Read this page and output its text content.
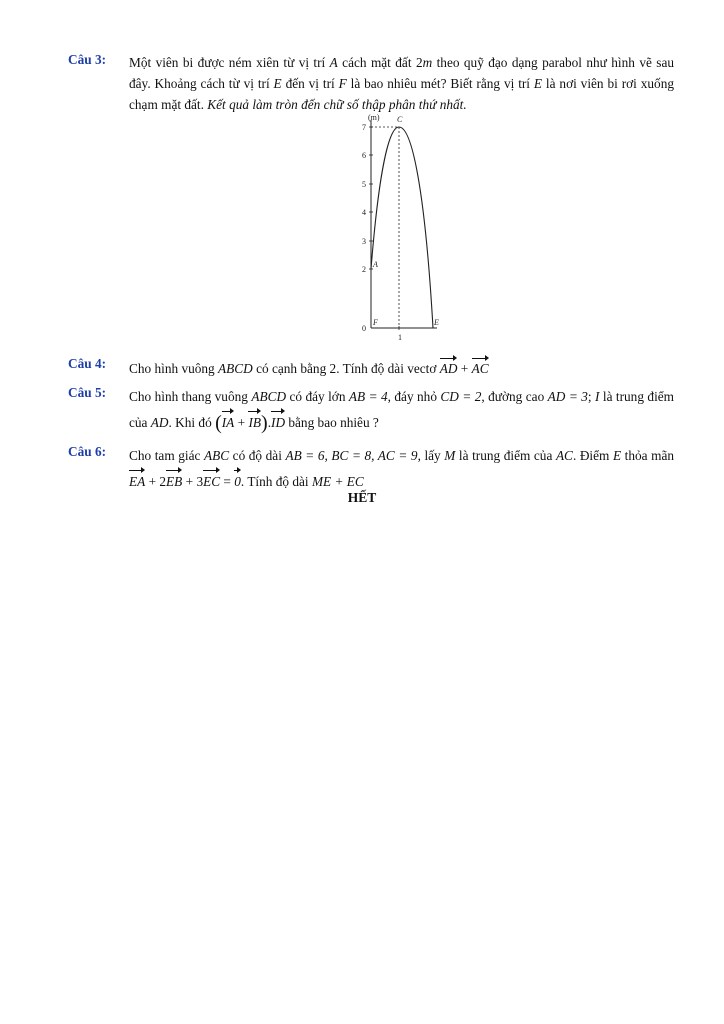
Câu 3: Một viên bi được ném xiên từ vị trí A cách mặt đất 2m theo quỹ đạo dạng parabol như hình vẽ sau đây. Khoảng cách từ vị trí E đến vị trí F là bao nhiêu mét? Biết rằng vị trí E là nơi viên bi rơi xuống chạm mặt đất. Kết quả làm tròn đến chữ số thập phân thứ nhất.
7
6
5
4
3
2
0
1
(m) C
A
F	E
Câu 4: Cho hình vuông ABCD có cạnh bằng 2. Tính độ dài vectơ AD + AC
Câu 5: Cho hình thang vuông ABCD có đáy lớn AB = 4, đáy nhỏ CD = 2, đường cao AD = 3; I là trung điểm của AD. Khi đó (IA + IB).ID bằng bao nhiêu ?
Câu 6: Cho tam giác ABC có độ dài AB = 6, BC = 8, AC = 9, lấy M là trung điểm của AC. Điểm E thỏa mãn EA + 2EB + 3EC = 0. Tính độ dài ME + EC
HẾT
